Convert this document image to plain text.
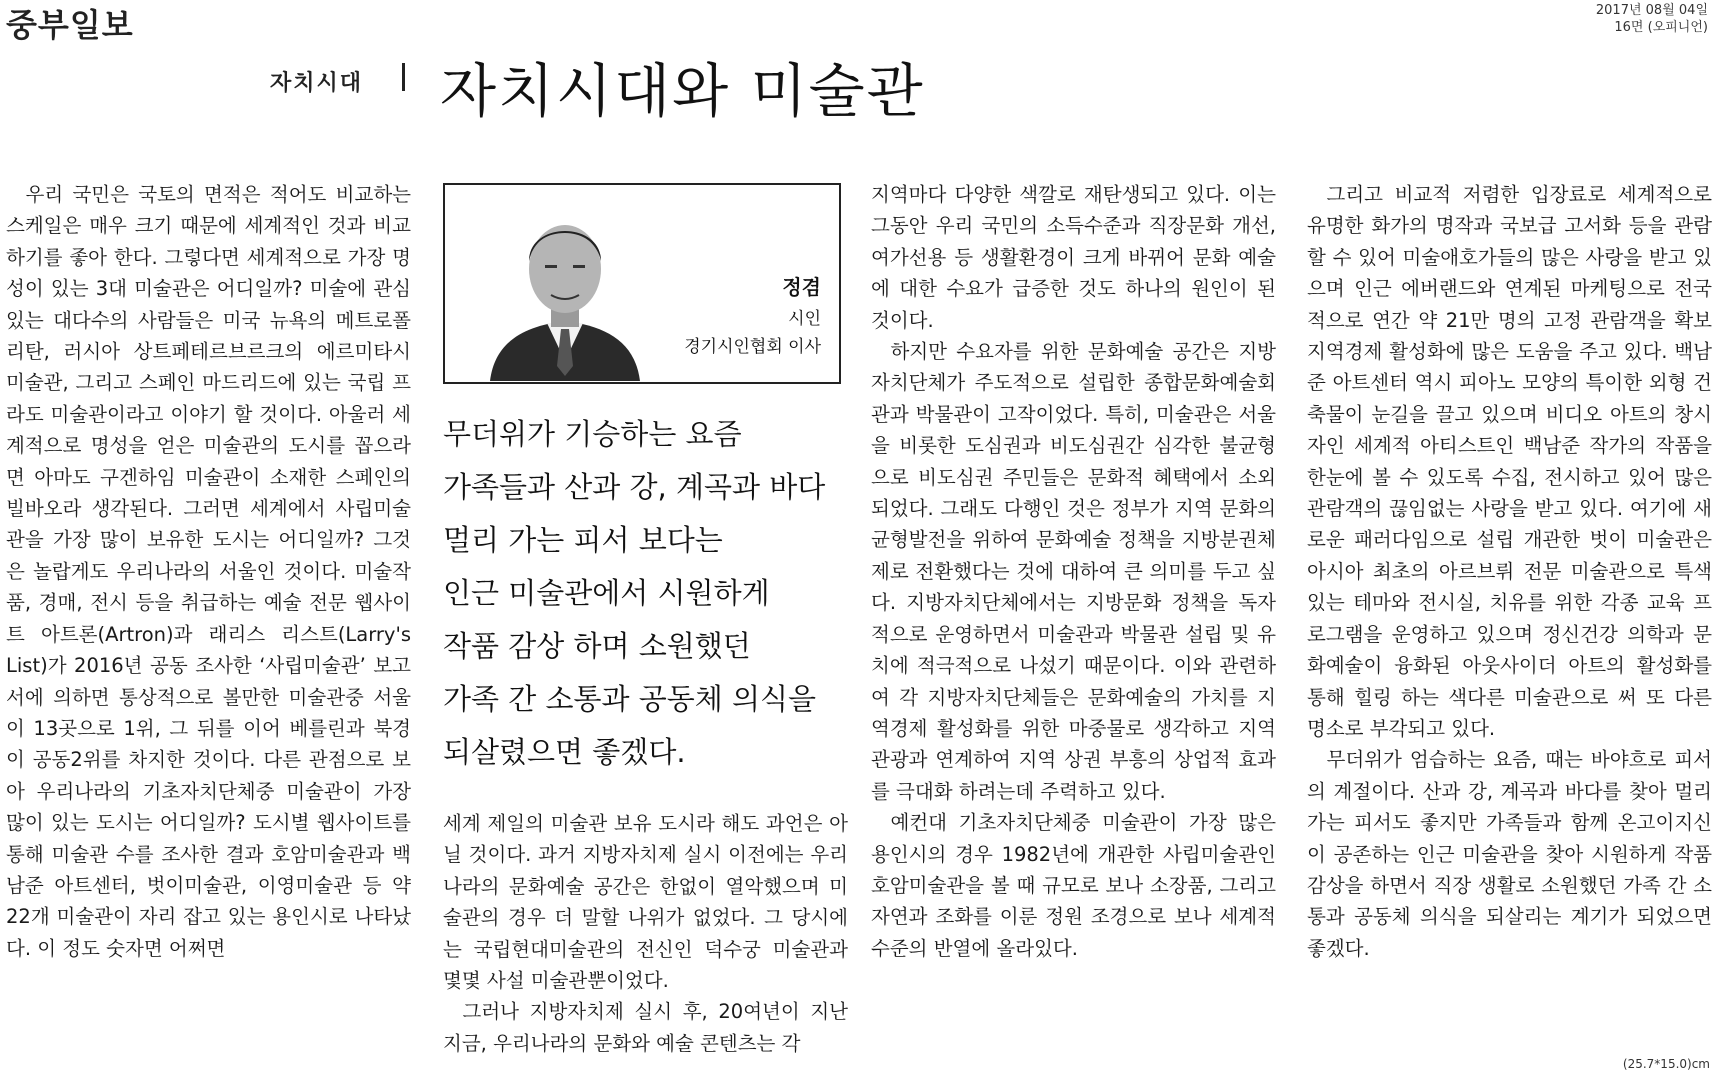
중부일보	2017년 08월 04일
16면 (오피니언)
자치시대 자치시대와 미술관

우리 국민은 국토의 면적은 적어도 비교하는 스케일은 매우 크기 때문에 세계적인 것과 비교하기를 좋아 한다. 그렇다면 세계적으로 가장 명성이 있는 3대 미술관은 어디일까? 미술에 관심 있는 대다수의 사람들은 미국 뉴욕의 메트로폴리탄, 러시아 상트페테르브르크의 에르미타시 미술관, 그리고 스페인 마드리드에 있는 국립 프라도 미술관이라고 이야기 할 것이다. 아울러 세계적으로 명성을 얻은 미술관의 도시를 꼽으라면 아마도 구겐하임 미술관이 소재한 스페인의 빌바오라 생각된다. 그러면 세계에서 사립미술관을 가장 많이 보유한 도시는 어디일까? 그것은 놀랍게도 우리나라의 서울인 것이다. 미술작품, 경매, 전시 등을 취급하는 예술 전문 웹사이트 아트론(Artron)과 래리스 리스트(Larry's List)가 2016년 공동 조사한 ‘사립미술관’ 보고서에 의하면 통상적으로 볼만한 미술관중 서울이 13곳으로 1위, 그 뒤를 이어 베를린과 북경이 공동2위를 차지한 것이다. 다른 관점으로 보아 우리나라의 기초자치단체중 미술관이 가장 많이 있는 도시는 어디일까? 도시별 웹사이트를 통해 미술관 수를 조사한 결과 호암미술관과 백남준 아트센터, 벗이미술관, 이영미술관 등 약 22개 미술관이 자리 잡고 있는 용인시로 나타났다. 이 정도 숫자면 어쩌면

정겸
시인
경기시인협회 이사
무더위가 기승하는 요즘
가족들과 산과 강, 계곡과 바다
멀리 가는 피서 보다는
인근 미술관에서 시원하게
작품 감상 하며 소원했던
가족 간 소통과 공동체 의식을
되살렸으면 좋겠다.

세계 제일의 미술관 보유 도시라 해도 과언은 아닐 것이다. 과거 지방자치제 실시 이전에는 우리나라의 문화예술 공간은 한없이 열악했으며 미술관의 경우 더 말할 나위가 없었다. 그 당시에는 국립현대미술관의 전신인 덕수궁 미술관과 몇몇 사설 미술관뿐이었다.

그러나 지방자치제 실시 후, 20여년이 지난 지금, 우리나라의 문화와 예술 콘텐츠는 각

지역마다 다양한 색깔로 재탄생되고 있다. 이는 그동안 우리 국민의 소득수준과 직장문화 개선, 여가선용 등 생활환경이 크게 바뀌어 문화 예술에 대한 수요가 급증한 것도 하나의 원인이 된 것이다.

하지만 수요자를 위한 문화예술 공간은 지방자치단체가 주도적으로 설립한 종합문화예술회관과 박물관이 고작이었다. 특히, 미술관은 서울을 비롯한 도심권과 비도심권간 심각한 불균형으로 비도심권 주민들은 문화적 혜택에서 소외되었다. 그래도 다행인 것은 정부가 지역 문화의 균형발전을 위하여 문화예술 정책을 지방분권체제로 전환했다는 것에 대하여 큰 의미를 두고 싶다. 지방자치단체에서는 지방문화 정책을 독자적으로 운영하면서 미술관과 박물관 설립 및 유치에 적극적으로 나섰기 때문이다. 이와 관련하여 각 지방자치단체들은 문화예술의 가치를 지역경제 활성화를 위한 마중물로 생각하고 지역관광과 연계하여 지역 상권 부흥의 상업적 효과를 극대화 하려는데 주력하고 있다.

예컨대 기초자치단체중 미술관이 가장 많은 용인시의 경우 1982년에 개관한 사립미술관인 호암미술관을 볼 때 규모로 보나 소장품, 그리고 자연과 조화를 이룬 정원 조경으로 보나 세계적 수준의 반열에 올라있다.

그리고 비교적 저렴한 입장료로 세계적으로 유명한 화가의 명작과 국보급 고서화 등을 관람할 수 있어 미술애호가들의 많은 사랑을 받고 있으며 인근 에버랜드와 연계된 마케팅으로 전국적으로 연간 약 21만 명의 고정 관람객을 확보 지역경제 활성화에 많은 도움을 주고 있다. 백남준 아트센터 역시 피아노 모양의 특이한 외형 건축물이 눈길을 끌고 있으며 비디오 아트의 창시자인 세계적 아티스트인 백남준 작가의 작품을 한눈에 볼 수 있도록 수집, 전시하고 있어 많은 관람객의 끊임없는 사랑을 받고 있다. 여기에 새로운 패러다임으로 설립 개관한 벗이 미술관은 아시아 최초의 아르브뤼 전문 미술관으로 특색 있는 테마와 전시실, 치유를 위한 각종 교육 프로그램을 운영하고 있으며 정신건강 의학과 문화예술이 융화된 아웃사이더 아트의 활성화를 통해 힐링 하는 색다른 미술관으로 써 또 다른 명소로 부각되고 있다.

무더위가 엄습하는 요즘, 때는 바야흐로 피서의 계절이다. 산과 강, 계곡과 바다를 찾아 멀리 가는 피서도 좋지만 가족들과 함께 온고이지신이 공존하는 인근 미술관을 찾아 시원하게 작품 감상을 하면서 직장 생활로 소원했던 가족 간 소통과 공동체 의식을 되살리는 계기가 되었으면 좋겠다.

(25.7*15.0)cm
